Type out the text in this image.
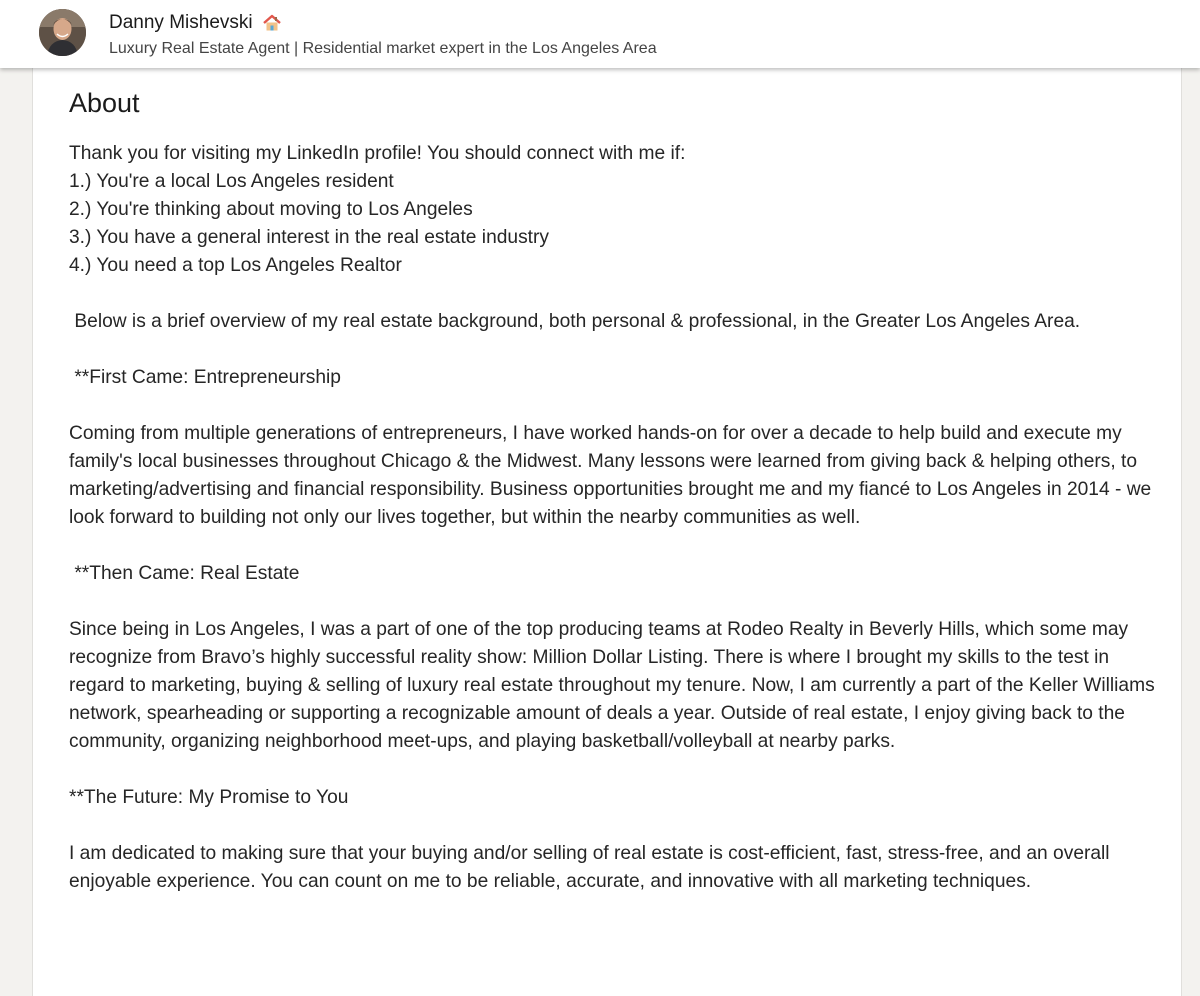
Danny Mishevski
Luxury Real Estate Agent | Residential market expert in the Los Angeles Area
About

Thank you for visiting my LinkedIn profile! You should connect with me if:
1.) You're a local Los Angeles resident
2.) You're thinking about moving to Los Angeles
3.) You have a general interest in the real estate industry
4.) You need a top Los Angeles Realtor

Below is a brief overview of my real estate background, both personal & professional, in the Greater Los Angeles Area.

**First Came: Entrepreneurship

Coming from multiple generations of entrepreneurs, I have worked hands-on for over a decade to help build and execute my family's local businesses throughout Chicago & the Midwest. Many lessons were learned from giving back & helping others, to marketing/advertising and financial responsibility. Business opportunities brought me and my fiancé to Los Angeles in 2014 - we look forward to building not only our lives together, but within the nearby communities as well.

**Then Came: Real Estate

Since being in Los Angeles, I was a part of one of the top producing teams at Rodeo Realty in Beverly Hills, which some may recognize from Bravo’s highly successful reality show: Million Dollar Listing. There is where I brought my skills to the test in regard to marketing, buying & selling of luxury real estate throughout my tenure. Now, I am currently a part of the Keller Williams network, spearheading or supporting a recognizable amount of deals a year. Outside of real estate, I enjoy giving back to the community, organizing neighborhood meet-ups, and playing basketball/volleyball at nearby parks.

**The Future: My Promise to You

I am dedicated to making sure that your buying and/or selling of real estate is cost-efficient, fast, stress-free, and an overall enjoyable experience. You can count on me to be reliable, accurate, and innovative with all marketing techniques.
